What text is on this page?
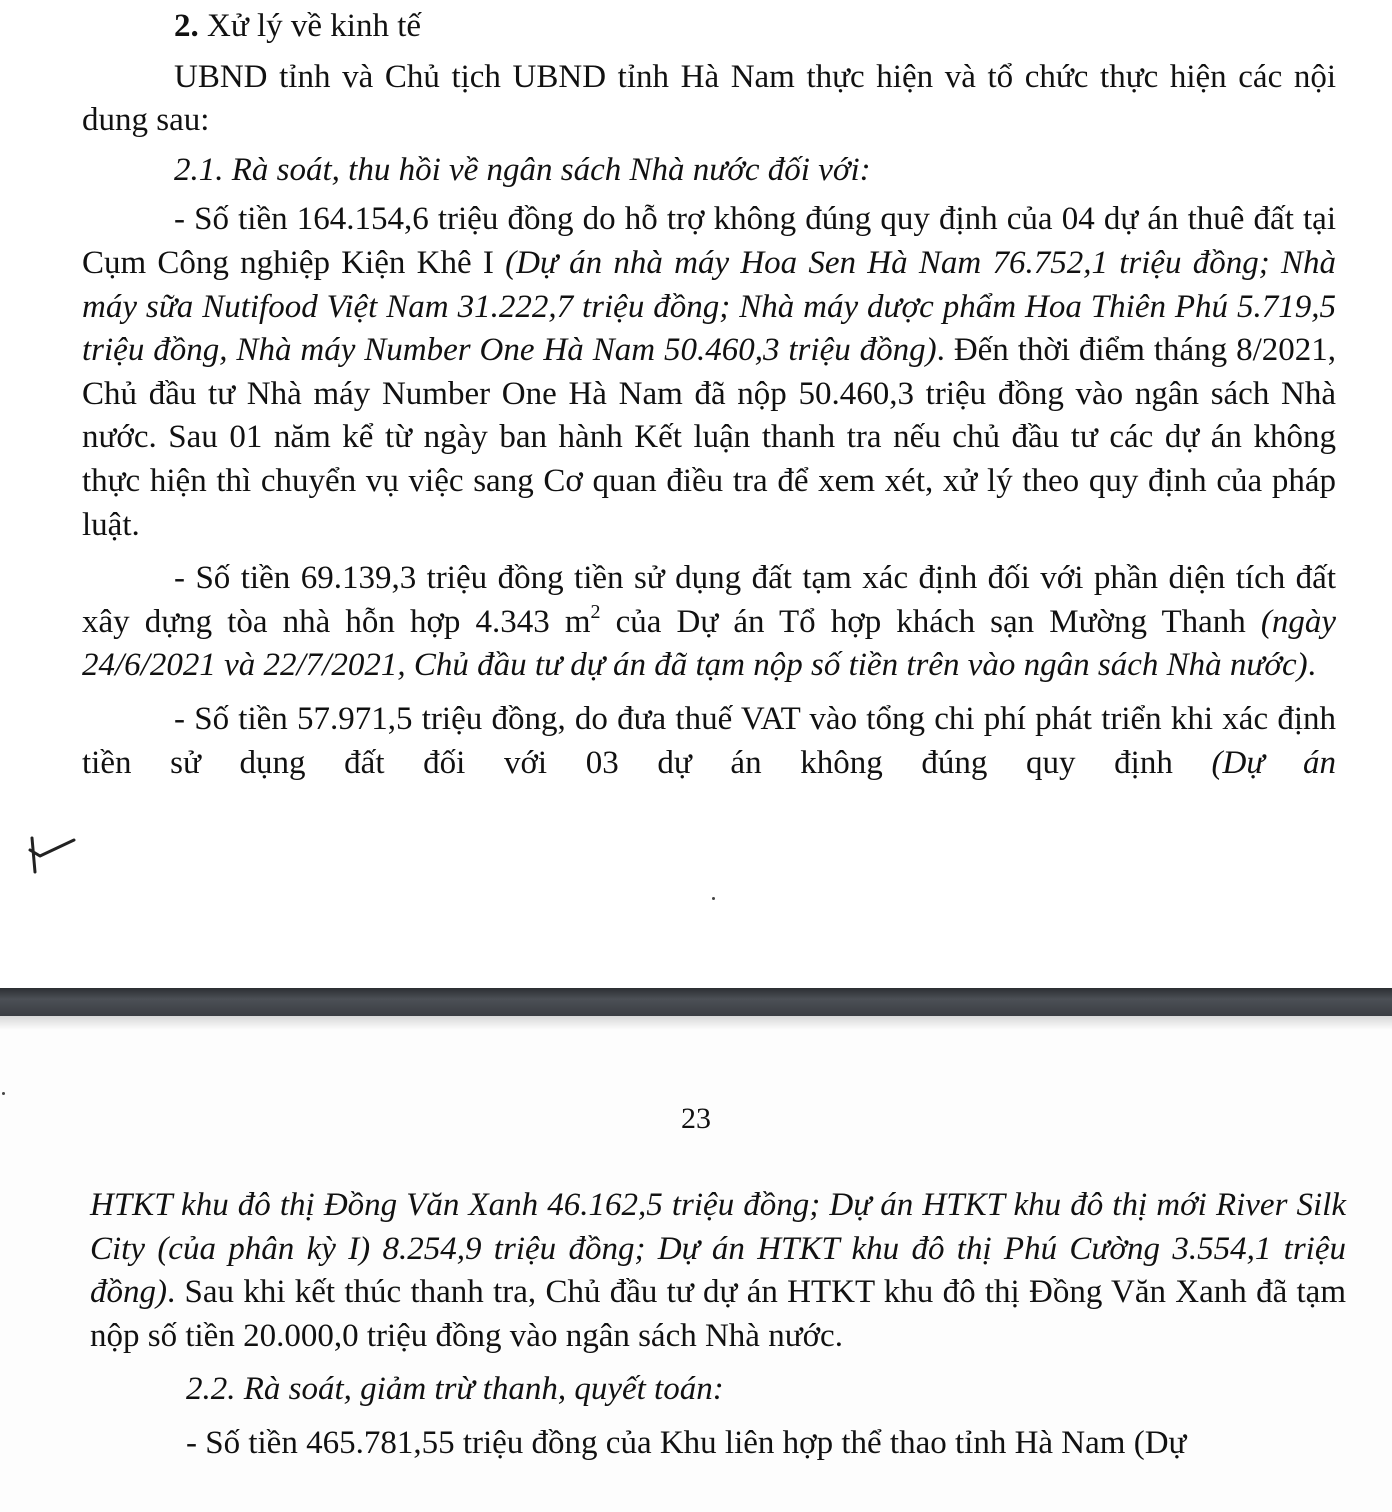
2. Xử lý về kinh tế

UBND tỉnh và Chủ tịch UBND tỉnh Hà Nam thực hiện và tổ chức thực hiện các nội dung sau:

2.1. Rà soát, thu hồi về ngân sách Nhà nước đối với:

- Số tiền 164.154,6 triệu đồng do hỗ trợ không đúng quy định của 04 dự án thuê đất tại Cụm Công nghiệp Kiện Khê I (Dự án nhà máy Hoa Sen Hà Nam 76.752,1 triệu đồng; Nhà máy sữa Nutifood Việt Nam 31.222,7 triệu đồng; Nhà máy dược phẩm Hoa Thiên Phú 5.719,5 triệu đồng, Nhà máy Number One Hà Nam 50.460,3 triệu đồng). Đến thời điểm tháng 8/2021, Chủ đầu tư Nhà máy Number One Hà Nam đã nộp 50.460,3 triệu đồng vào ngân sách Nhà nước. Sau 01 năm kể từ ngày ban hành Kết luận thanh tra nếu chủ đầu tư các dự án không thực hiện thì chuyển vụ việc sang Cơ quan điều tra để xem xét, xử lý theo quy định của pháp luật.

- Số tiền 69.139,3 triệu đồng tiền sử dụng đất tạm xác định đối với phần diện tích đất xây dựng tòa nhà hỗn hợp 4.343 $m^2$ của Dự án Tổ hợp khách sạn Mường Thanh (ngày 24/6/2021 và 22/7/2021, Chủ đầu tư dự án đã tạm nộp số tiền trên vào ngân sách Nhà nước).

- Số tiền 57.971,5 triệu đồng, do đưa thuế VAT vào tổng chi phí phát triển khi xác định tiền sử dụng đất đối với 03 dự án không đúng quy định (Dự án

23

HTKT khu đô thị Đồng Văn Xanh 46.162,5 triệu đồng; Dự án HTKT khu đô thị mới River Silk City (của phân kỳ I) 8.254,9 triệu đồng; Dự án HTKT khu đô thị Phú Cường 3.554,1 triệu đồng). Sau khi kết thúc thanh tra, Chủ đầu tư dự án HTKT khu đô thị Đồng Văn Xanh đã tạm nộp số tiền 20.000,0 triệu đồng vào ngân sách Nhà nước.

2.2. Rà soát, giảm trừ thanh, quyết toán:

- Số tiền 465.781,55 triệu đồng của Khu liên hợp thể thao tỉnh Hà Nam (Dự
